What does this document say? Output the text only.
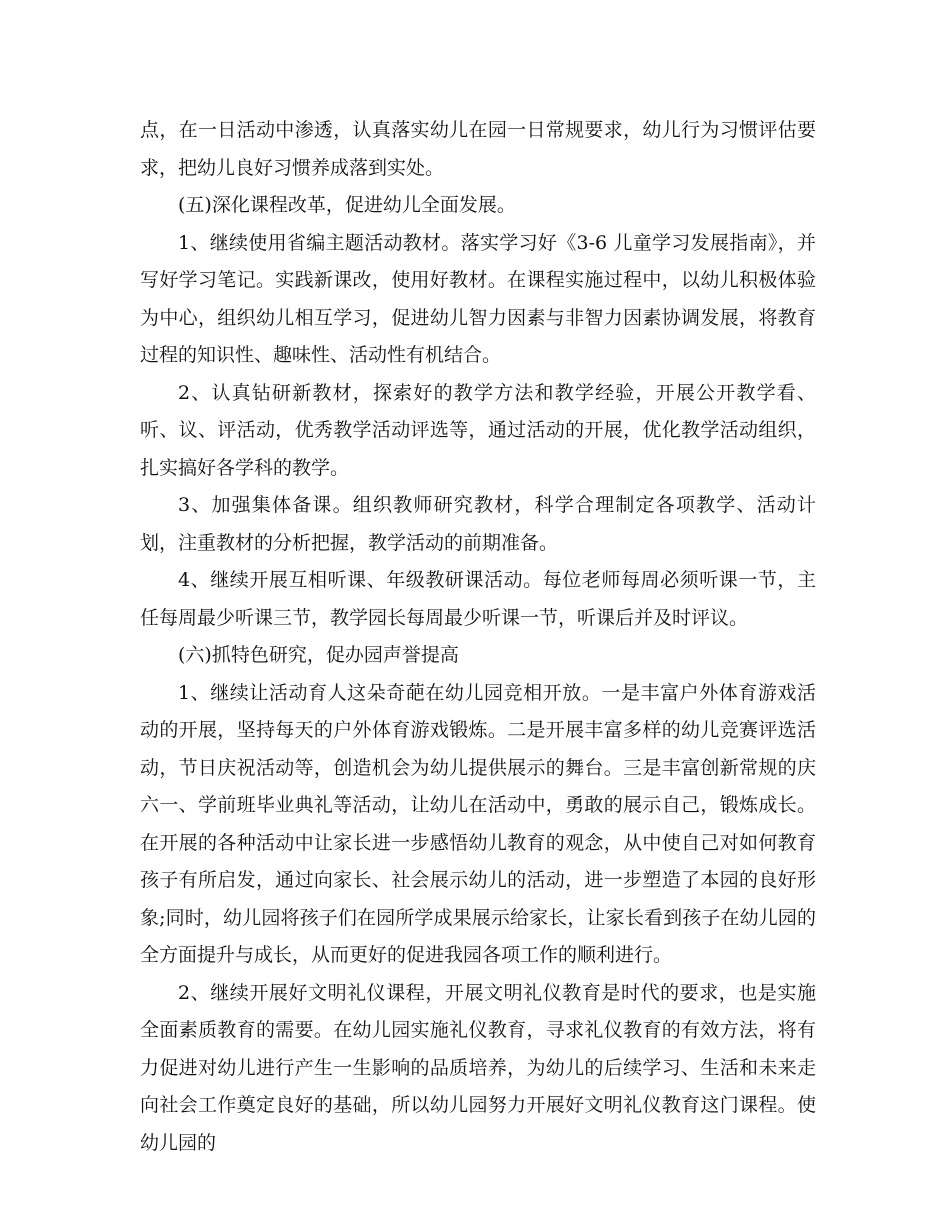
点，在一日活动中渗透，认真落实幼儿在园一日常规要求，幼儿行为习惯评估要求，把幼儿良好习惯养成落到实处。

(五)深化课程改革，促进幼儿全面发展。

1、继续使用省编主题活动教材。落实学习好《3-6 儿童学习发展指南》，并写好学习笔记。实践新课改，使用好教材。在课程实施过程中，以幼儿积极体验为中心，组织幼儿相互学习，促进幼儿智力因素与非智力因素协调发展，将教育过程的知识性、趣味性、活动性有机结合。

2、认真钻研新教材，探索好的教学方法和教学经验，开展公开教学看、听、议、评活动，优秀教学活动评选等，通过活动的开展，优化教学活动组织，扎实搞好各学科的教学。

3、加强集体备课。组织教师研究教材，科学合理制定各项教学、活动计划，注重教材的分析把握，教学活动的前期准备。

4、继续开展互相听课、年级教研课活动。每位老师每周必须听课一节，主任每周最少听课三节，教学园长每周最少听课一节，听课后并及时评议。

(六)抓特色研究，促办园声誉提高

1、继续让活动育人这朵奇葩在幼儿园竞相开放。一是丰富户外体育游戏活动的开展，坚持每天的户外体育游戏锻炼。二是开展丰富多样的幼儿竞赛评选活动，节日庆祝活动等，创造机会为幼儿提供展示的舞台。三是丰富创新常规的庆六一、学前班毕业典礼等活动，让幼儿在活动中，勇敢的展示自己，锻炼成长。在开展的各种活动中让家长进一步感悟幼儿教育的观念，从中使自己对如何教育孩子有所启发，通过向家长、社会展示幼儿的活动，进一步塑造了本园的良好形象;同时，幼儿园将孩子们在园所学成果展示给家长，让家长看到孩子在幼儿园的全方面提升与成长，从而更好的促进我园各项工作的顺利进行。

2、继续开展好文明礼仪课程，开展文明礼仪教育是时代的要求，也是实施全面素质教育的需要。在幼儿园实施礼仪教育，寻求礼仪教育的有效方法，将有力促进对幼儿进行产生一生影响的品质培养，为幼儿的后续学习、生活和未来走向社会工作奠定良好的基础，所以幼儿园努力开展好文明礼仪教育这门课程。使幼儿园的
